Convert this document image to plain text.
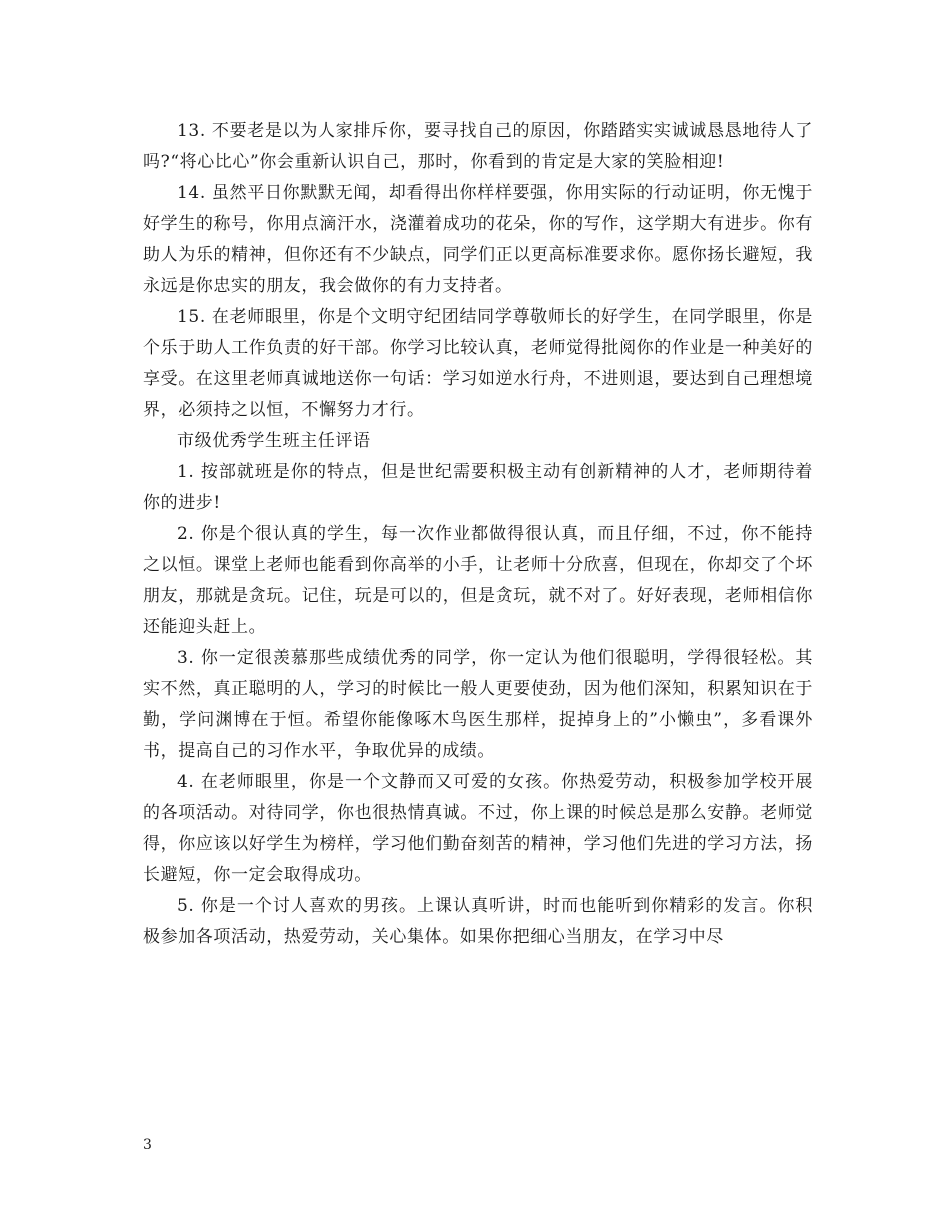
13. 不要老是以为人家排斥你，要寻找自己的原因，你踏踏实实诚诚恳恳地待人了吗?“将心比心”你会重新认识自己，那时，你看到的肯定是大家的笑脸相迎!

14. 虽然平日你默默无闻，却看得出你样样要强，你用实际的行动证明，你无愧于好学生的称号，你用点滴汗水，浇灌着成功的花朵，你的写作，这学期大有进步。你有助人为乐的精神，但你还有不少缺点，同学们正以更高标准要求你。愿你扬长避短，我永远是你忠实的朋友，我会做你的有力支持者。

15. 在老师眼里，你是个文明守纪团结同学尊敬师长的好学生，在同学眼里，你是个乐于助人工作负责的好干部。你学习比较认真，老师觉得批阅你的作业是一种美好的享受。在这里老师真诚地送你一句话：学习如逆水行舟，不进则退，要达到自己理想境界，必须持之以恒，不懈努力才行。

市级优秀学生班主任评语

1. 按部就班是你的特点，但是世纪需要积极主动有创新精神的人才，老师期待着你的进步!

2. 你是个很认真的学生，每一次作业都做得很认真，而且仔细，不过，你不能持之以恒。课堂上老师也能看到你高举的小手，让老师十分欣喜，但现在，你却交了个坏朋友，那就是贪玩。记住，玩是可以的，但是贪玩，就不对了。好好表现，老师相信你还能迎头赶上。

3. 你一定很羡慕那些成绩优秀的同学，你一定认为他们很聪明，学得很轻松。其实不然，真正聪明的人，学习的时候比一般人更要使劲，因为他们深知，积累知识在于勤，学问渊博在于恒。希望你能像啄木鸟医生那样，捉掉身上的”小懒虫”，多看课外书，提高自己的习作水平，争取优异的成绩。

4. 在老师眼里，你是一个文静而又可爱的女孩。你热爱劳动，积极参加学校开展的各项活动。对待同学，你也很热情真诚。不过，你上课的时候总是那么安静。老师觉得，你应该以好学生为榜样，学习他们勤奋刻苦的精神，学习他们先进的学习方法，扬长避短，你一定会取得成功。

5. 你是一个讨人喜欢的男孩。上课认真听讲，时而也能听到你精彩的发言。你积极参加各项活动，热爱劳动，关心集体。如果你把细心当朋友，在学习中尽

3
